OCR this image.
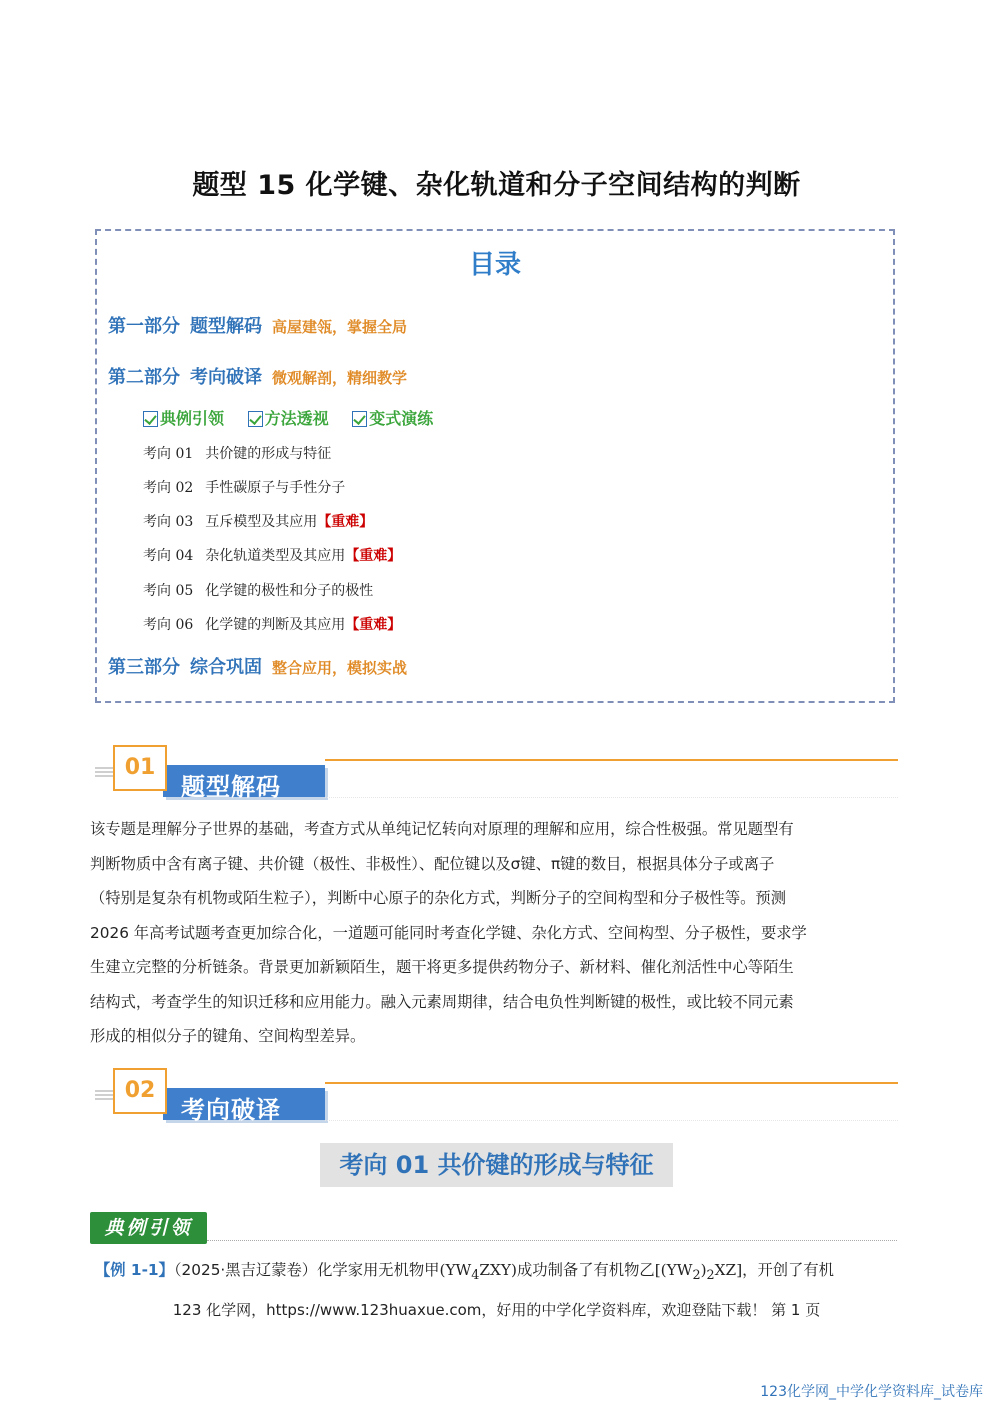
题型 15 化学键、杂化轨道和分子空间结构的判断
目录
第一部分 题型解码 高屋建瓴，掌握全局
第二部分 考向破译 微观解剖，精细教学
典例引领	方法透视	变式演练
考向 01 共价键的形成与特征
考向 02 手性碳原子与手性分子
考向 03 互斥模型及其应用【重难】
考向 04 杂化轨道类型及其应用【重难】
考向 05 化学键的极性和分子的极性
考向 06 化学键的判断及其应用【重难】
第三部分 综合巩固 整合应用，模拟实战
题型解码
01

该专题是理解分子世界的基础，考查方式从单纯记忆转向对原理的理解和应用，综合性极强。常见题型有

判断物质中含有离子键、共价键（极性、非极性）、配位键以及σ键、π键的数目，根据具体分子或离子

（特别是复杂有机物或陌生粒子），判断中心原子的杂化方式，判断分子的空间构型和分子极性等。预测

2026 年高考试题考查更加综合化，一道题可能同时考查化学键、杂化方式、空间构型、分子极性，要求学

生建立完整的分析链条。背景更加新颖陌生，题干将更多提供药物分子、新材料、催化剂活性中心等陌生

结构式，考查学生的知识迁移和应用能力。融入元素周期律，结合电负性判断键的极性，或比较不同元素

形成的相似分子的键角、空间构型差异。

考向破译
02
考向 01 共价键的形成与特征
典例引领
【例 1-1】（2025·黑吉辽蒙卷）化学家用无机物甲$(YW_4ZXY)$成功制备了有机物乙$[(YW_2)_2XZ]$，开创了有机
123 化学网，https://www.123huaxue.com，好用的中学化学资料库，欢迎登陆下载！ 第 1 页
123化学网_中学化学资料库_试卷库
